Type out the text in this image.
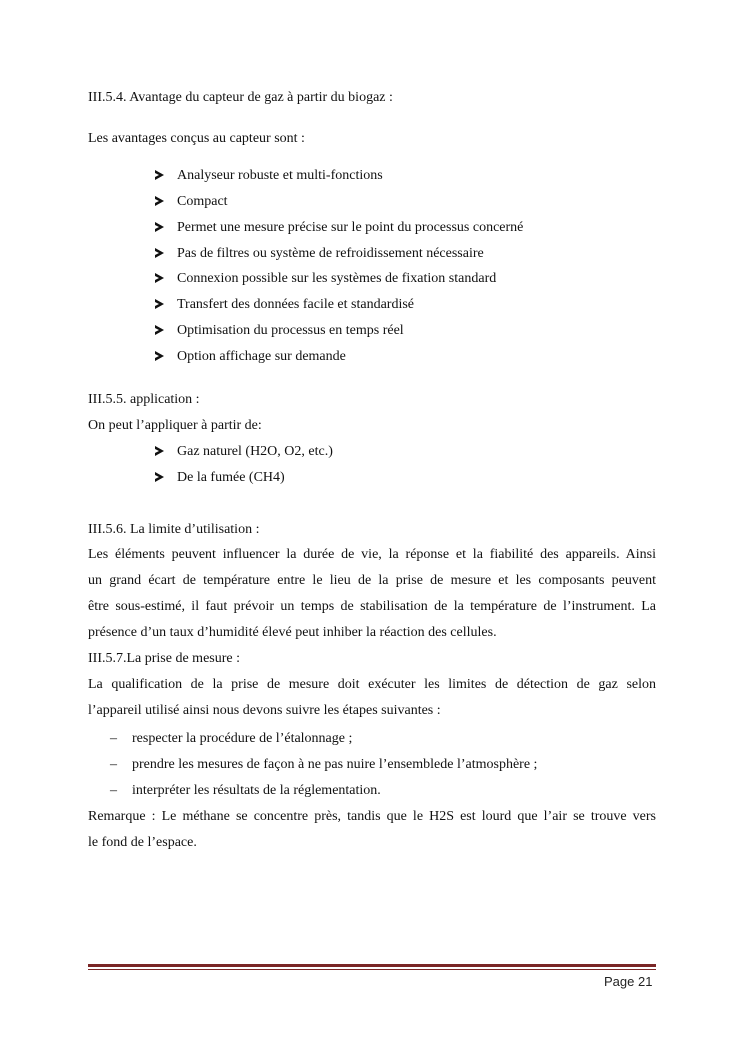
III.5.4. Avantage du capteur de gaz à partir du biogaz :
Les avantages conçus au capteur sont :
Analyseur robuste et multi-fonctions
Compact
Permet une mesure précise sur le point du processus concerné
Pas de filtres ou système de refroidissement nécessaire
Connexion possible sur les systèmes de fixation standard
Transfert des données facile et standardisé
Optimisation du processus en temps réel
Option affichage sur demande
III.5.5. application :
On peut l’appliquer à partir de:
Gaz naturel (H2O, O2, etc.)
De la fumée (CH4)
III.5.6. La limite d’utilisation :
Les éléments peuvent influencer la durée de vie, la réponse et la fiabilité des appareils. Ainsi
un grand écart de température entre le lieu de la prise de mesure et les composants peuvent
être sous-estimé, il faut prévoir un temps de stabilisation de la température de l’instrument. La
présence d’un taux d’humidité élevé peut inhiber la réaction des cellules.
III.5.7.La prise de mesure :
La qualification de la prise de mesure doit exécuter les limites de détection de gaz selon
l’appareil utilisé ainsi nous devons suivre les étapes suivantes :
– respecter la procédure de l’étalonnage ;
– prendre les mesures de façon à ne pas nuire l’ensemblede l’atmosphère ;
– interpréter les résultats de la réglementation.
Remarque : Le méthane se concentre près, tandis que le H2S est lourd que l’air se trouve vers
le fond de l’espace.
Page 21
